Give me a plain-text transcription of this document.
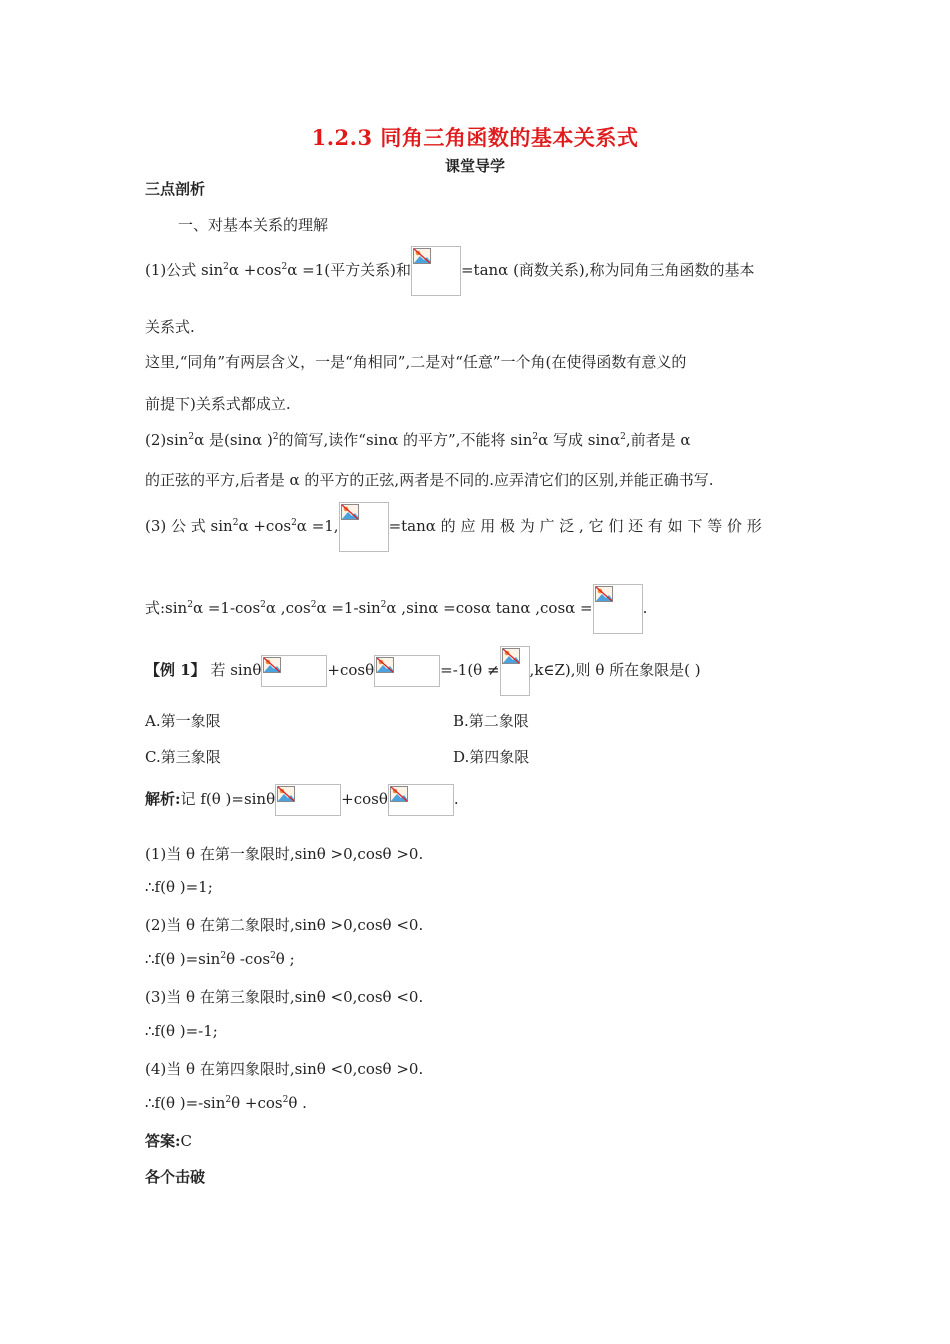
1.2.3 同角三角函数的基本关系式
课堂导学
三点剖析
一、对基本关系的理解
(1)公式 $\sin^2\alpha +\cos^2\alpha =1$(平方关系)和	=tanα (商数关系),称为同角三角函数的基本
关系式.
这里,“同角”有两层含义，一是“角相同”,二是对“任意”一个角(在使得函数有意义的
前提下)关系式都成立.
$(2)\sin^2\alpha$ 是(sinα )$^2$的简写,读作“sinα 的平方”,不能将 $\sin^2\alpha$ 写成 sinα$^2$,前者是 α
的正弦的平方,后者是 α 的平方的正弦,两者是不同的.应弄清它们的区别,并能正确书写.
(3) 公 式 $\sin^2\alpha +\cos^2\alpha =1$,	=tanα 的 应 用 极 为 广 泛 , 它 们 还 有 如 下 等 价 形
式$:\sin^2\alpha =1-\cos^2\alpha$ $,\cos^2\alpha =1-\sin^2\alpha$ ,sinα =cosα tanα ,cosα =	.
【例 1】 若 sinθ	+cosθ	=-1(θ ≠ ,k∈Z),则 θ 所在象限是( )
A.第一象限	B.第二象限
C.第三象限	D.第四象限
解析:记 f(θ )=sinθ	+cosθ	.
(1)当 θ 在第一象限时,sinθ >0,cosθ >0.
∴f(θ )=1;
(2)当 θ 在第二象限时,sinθ >0,cosθ <0.
∴f(θ )$=\sin^2\theta$ $-\cos^2\theta$ ;
(3)当 θ 在第三象限时,sinθ <0,cosθ <0.
∴f(θ )=-1;
(4)当 θ 在第四象限时,sinθ <0,cosθ >0.
∴f(θ )$=-\sin^2\theta +\cos^2\theta$ .
答案:C
各个击破
